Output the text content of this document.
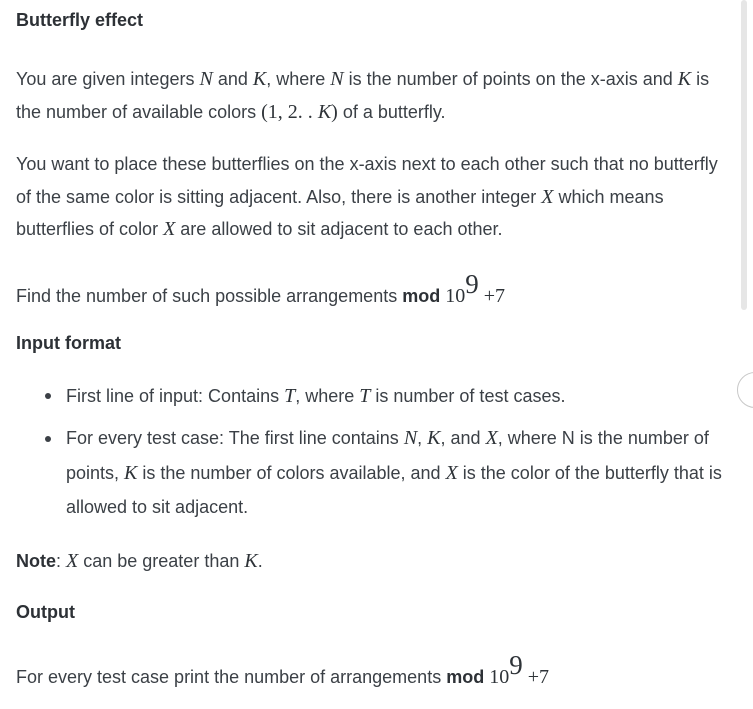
Butterfly effect

You are given integers N and K, where N is the number of points on the x-axis and K is the number of available colors (1, 2. . K) of a butterfly.

You want to place these butterflies on the x-axis next to each other such that no butterfly of the same color is sitting adjacent. Also, there is another integer X which means butterflies of color X are allowed to sit adjacent to each other.

Find the number of such possible arrangements mod 109 +7

Input format

First line of input: Contains T, where T is number of test cases.

For every test case: The first line contains N, K, and X, where N is the number of points, K is the number of colors available, and X is the color of the butterfly that is allowed to sit adjacent.

Note: X can be greater than K.

Output

For every test case print the number of arrangements mod 109 +7
